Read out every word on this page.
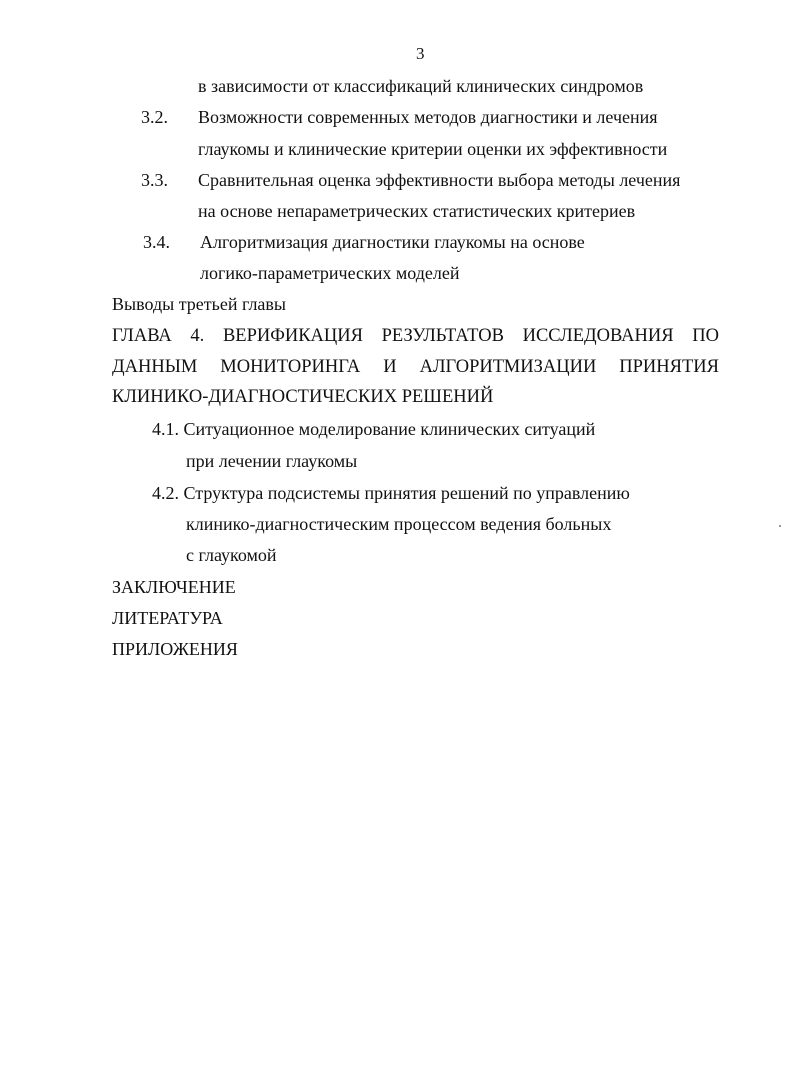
3
в зависимости от классификаций клинических синдромов
3.2. Возможности современных методов диагностики и лечения
глаукомы и клинические критерии оценки их эффективности
3.3. Сравнительная оценка эффективности выбора методы лечения
на основе непараметрических статистических критериев
3.4. Алгоритмизация диагностики глаукомы на основе
логико-параметрических моделей
Выводы третьей главы
ГЛАВА 4. ВЕРИФИКАЦИЯ РЕЗУЛЬТАТОВ ИССЛЕДОВАНИЯ ПО
ДАННЫМ МОНИТОРИНГА И АЛГОРИТМИЗАЦИИ ПРИНЯТИЯ
КЛИНИКО-ДИАГНОСТИЧЕСКИХ РЕШЕНИЙ
4.1. Ситуационное моделирование клинических ситуаций
при лечении глаукомы
4.2. Структура подсистемы принятия решений по управлению
клинико-диагностическим процессом ведения больных
с глаукомой
ЗАКЛЮЧЕНИЕ
ЛИТЕРАТУРА
ПРИЛОЖЕНИЯ
